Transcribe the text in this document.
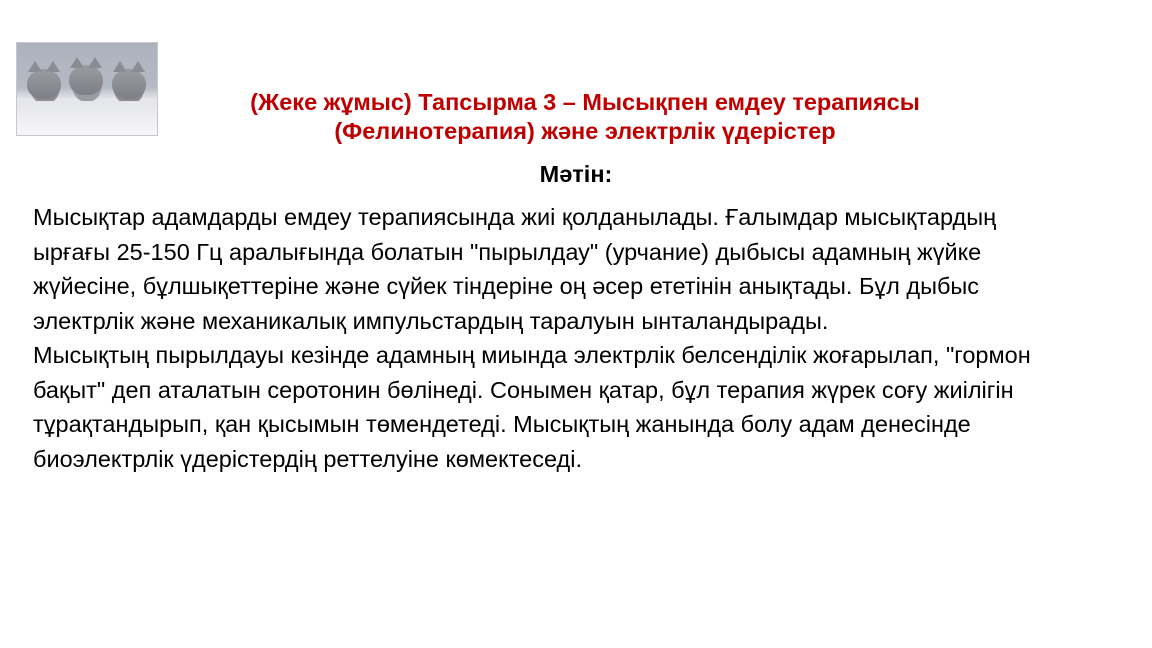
(Жеке жұмыс) Тапсырма 3 – Мысықпен емдеу терапиясы (Фелинотерапия) және электрлік үдерістер
Мәтін:

Мысықтар адамдарды емдеу терапиясында жиі қолданылады. Ғалымдар мысықтардың ырғағы 25-150 Гц аралығында болатын "пырылдау" (урчание) дыбысы адамның жүйке жүйесіне, бұлшықеттеріне және сүйек тіндеріне оң әсер ететінін анықтады. Бұл дыбыс электрлік және механикалық импульстардың таралуын ынталандырады.

Мысықтың пырылдауы кезінде адамның миында электрлік белсенділік жоғарылап, "гормон бақыт" деп аталатын серотонин бөлінеді. Сонымен қатар, бұл терапия жүрек соғу жиілігін тұрақтандырып, қан қысымын төмендетеді. Мысықтың жанында болу адам денесінде биоэлектрлік үдерістердің реттелуіне көмектеседі.
